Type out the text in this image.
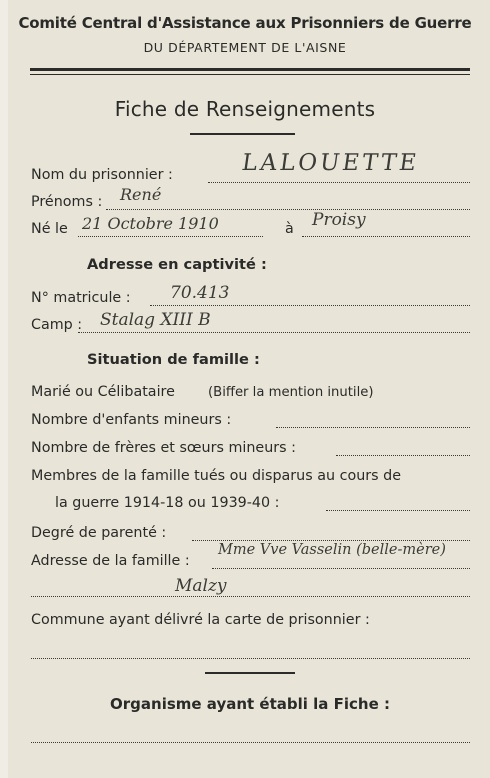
Comité Central d'Assistance aux Prisonniers de Guerre
DU DÉPARTEMENT DE L'AISNE
Fiche de Renseignements
Nom du prisonnier :	LALOUETTE
Prénoms : René
Né le 21 Octobre 1910	à Proisy
Adresse en captivité :
N° matricule : 70.413
Camp : Stalag XIII B
Situation de famille :
Marié ou Célibataire	(Biffer la mention inutile)
Nombre d'enfants mineurs :
Nombre de frères et sœurs mineurs :
Membres de la famille tués ou disparus au cours de
la guerre 1914-18 ou 1939-40 :
Degré de parenté :
Adresse de la famille :
Mme Vve Vasselin (belle-mère)
Malzy
Commune ayant délivré la carte de prisonnier :
Organisme ayant établi la Fiche :
